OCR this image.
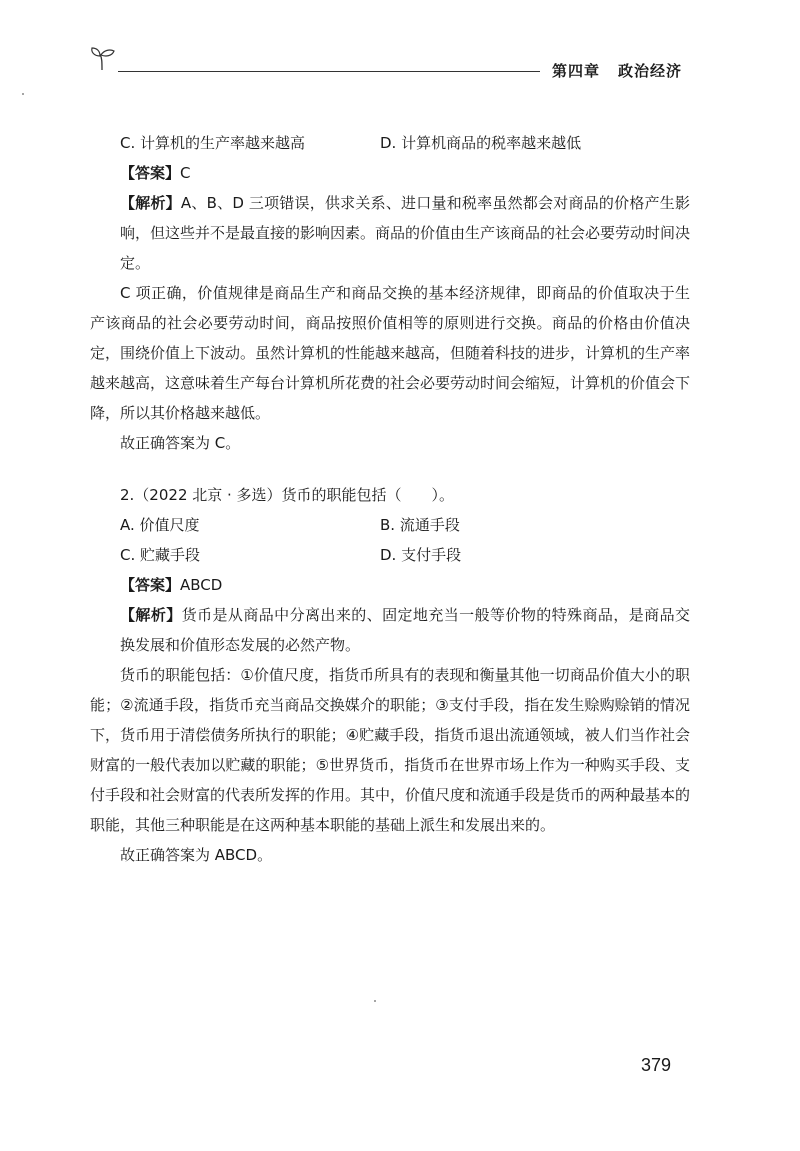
第四章 政治经济
C. 计算机的生产率越来越高	D. 计算机商品的税率越来越低
【答案】C

【解析】A、B、D 三项错误，供求关系、进口量和税率虽然都会对商品的价格产生影响，但这些并不是最直接的影响因素。商品的价值由生产该商品的社会必要劳动时间决定。

C 项正确，价值规律是商品生产和商品交换的基本经济规律，即商品的价值取决于生产该商品的社会必要劳动时间，商品按照价值相等的原则进行交换。商品的价格由价值决定，围绕价值上下波动。虽然计算机的性能越来越高，但随着科技的进步，计算机的生产率越来越高，这意味着生产每台计算机所花费的社会必要劳动时间会缩短，计算机的价值会下降，所以其价格越来越低。

故正确答案为 C。
2.（2022 北京 · 多选）货币的职能包括（　　）。
A. 价值尺度	B. 流通手段
C. 贮藏手段	D. 支付手段
【答案】ABCD

【解析】货币是从商品中分离出来的、固定地充当一般等价物的特殊商品，是商品交换发展和价值形态发展的必然产物。

货币的职能包括：①价值尺度，指货币所具有的表现和衡量其他一切商品价值大小的职能；②流通手段，指货币充当商品交换媒介的职能；③支付手段，指在发生赊购赊销的情况下，货币用于清偿债务所执行的职能；④贮藏手段，指货币退出流通领域，被人们当作社会财富的一般代表加以贮藏的职能；⑤世界货币，指货币在世界市场上作为一种购买手段、支付手段和社会财富的代表所发挥的作用。其中，价值尺度和流通手段是货币的两种最基本的职能，其他三种职能是在这两种基本职能的基础上派生和发展出来的。

故正确答案为 ABCD。
379
